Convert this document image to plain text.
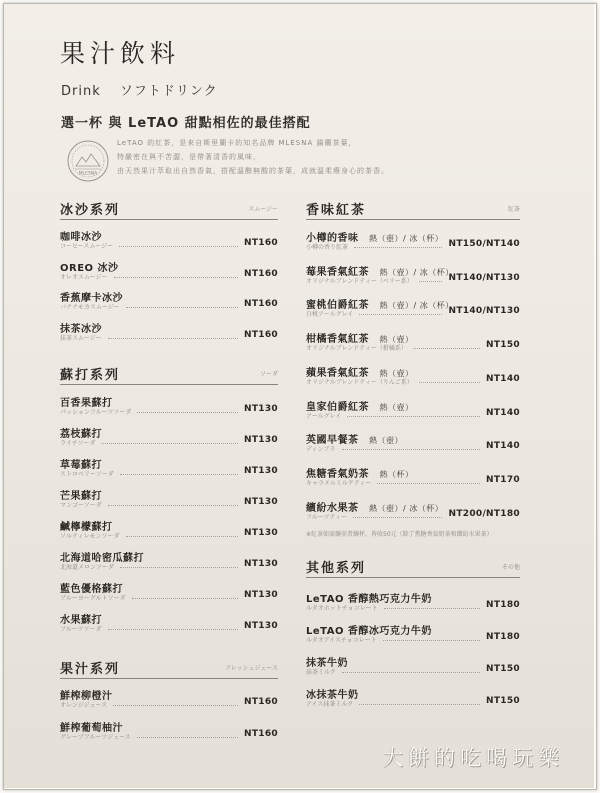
果汁飲料
Drink ソフトドリンク
選一杯 與 LeTAO 甜點相佐的最佳搭配
MLESNA
LeTAO 的紅茶，是來自斯里蘭卡的知名品牌 MLESNA 鍚蘭茶葉，
特嚴密在與不苦澀，是帶著清香的風味，
由天然果汁萃取出自然香氣，搭配溫醇無酸的茶葉，成就溫柔療身心的茶香。
冰沙系列	スムージー
咖啡冰沙
コーヒースムージー	NT160
OREO 冰沙
オレオスムージー	NT160
香蕉摩卡冰沙
バナナモカスムージー	NT160
抹茶冰沙
抹茶スムージー	NT160
蘇打系列	ソーダ
百香果蘇打
パッションフルーツソーダ	NT130
荔枝蘇打
ライチソーダ	NT130
草莓蘇打
ストロベリーソーダ	NT130
芒果蘇打
マンゴーソーダ	NT130
鹹檸檬蘇打
ソルティレモンソーダ	NT130
北海道哈密瓜蘇打
北海道メロンソーダ	NT130
藍色優格蘇打
ブルーヨーグルトソーダ	NT130
水果蘇打
フルーツソーダ	NT130
果汁系列	フレッシュジュース
鮮榨柳橙汁
オレンジジュース	NT160
鮮榨葡萄柚汁
グレープフルーツジュース	NT160
香味紅茶	紅茶
小樽的香味  熱（壺）/ 冰（杯）
小樽の香り紅茶	NT150/NT140
莓果香氣紅茶  熱（壺）/ 冰（杯）
オリジナルブレンドティー（ベリー系）	NT140/NT130
蜜桃伯爵紅茶  熱（壺）/ 冰（杯）
白桃アールグレイ	NT140/NT130
柑橘香氣紅茶  熱（壺）
オリジナルブレンドティー（柑橘系）	NT150
蘋果香氣紅茶  熱（壺）
オリジナルブレンドティー（りんご系）	NT140
皇家伯爵紅茶  熱（壺）
アールグレイ	NT140
英國早餐茶  熱（壺）
ディンブラ	NT140
焦糖香氣奶茶  熱（杯）
キャラメルミルクティー	NT170
繽紛水果茶  熱（壺）/ 冰（杯）
フルーツティー	NT200/NT180
※紅茶如需續壺者續杯，皆收50元（除了焦糖香氣奶茶和繽紛水果茶）
其他系列	その他
LeTAO 香醇熱巧克力牛奶
ルタオホットチョコレート	NT180
LeTAO 香醇冰巧克力牛奶
ルタオアイスチョコレート	NT180
抹茶牛奶
抹茶ミルク	NT150
冰抹茶牛奶
アイス抹茶ミルク	NT150
大餅的吃喝玩樂
